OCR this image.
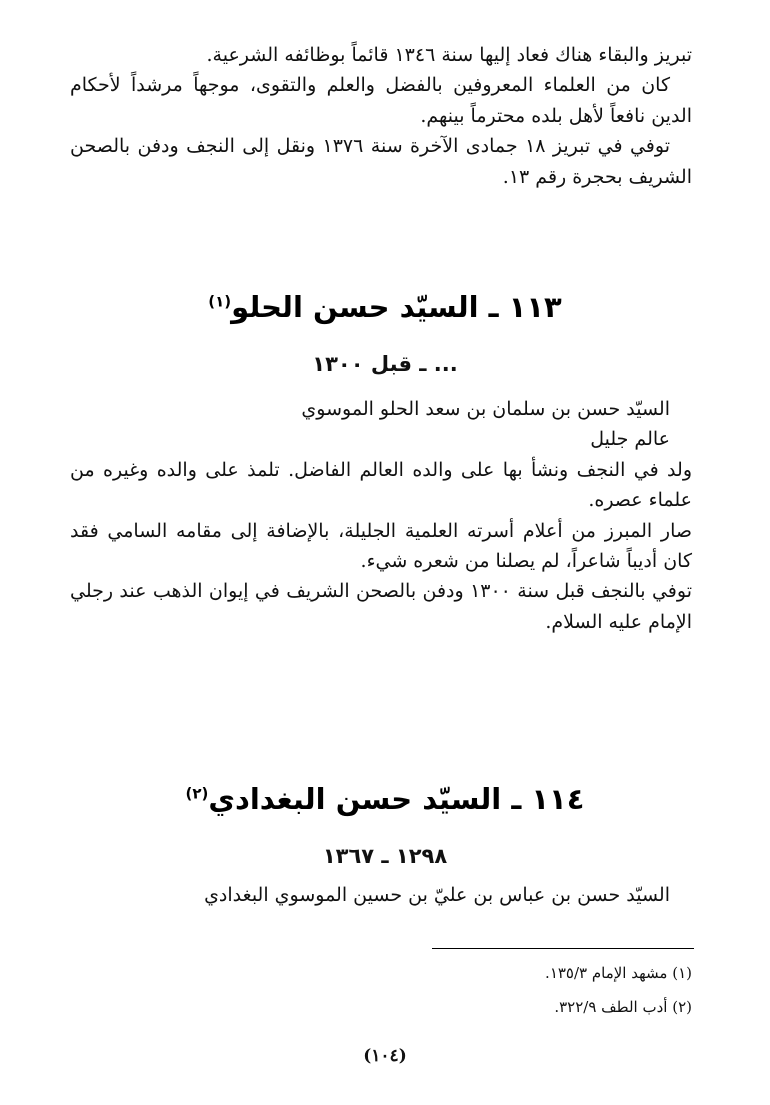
تبريز والبقاء هناك فعاد إليها سنة ١٣٤٦ قائماً بوظائفه الشرعية.

كان من العلماء المعروفين بالفضل والعلم والتقوى، موجهاً مرشداً لأحكام الدين نافعاً لأهل بلده محترماً بينهم.

توفي في تبريز ١٨ جمادى الآخرة سنة ١٣٧٦ ونقل إلى النجف ودفن بالصحن الشريف بحجرة رقم ١٣.

١١٣ ـ السيّد حسن الحلو$^{(١)}$
... ـ قبل ١٣٠٠

السيّد حسن بن سلمان بن سعد الحلو الموسوي

عالم جليل

ولد في النجف ونشأ بها على والده العالم الفاضل. تلمذ على والده وغيره من علماء عصره.

صار المبرز من أعلام أسرته العلمية الجليلة، بالإضافة إلى مقامه السامي فقد كان أديباً شاعراً، لم يصلنا من شعره شيء.

توفي بالنجف قبل سنة ١٣٠٠ ودفن بالصحن الشريف في إيوان الذهب عند رجلي الإمام عليه السلام.

١١٤ ـ السيّد حسن البغدادي$^{(٢)}$
١٢٩٨ ـ ١٣٦٧

السيّد حسن بن عباس بن عليّ بن حسين الموسوي البغدادي

(١) مشهد الإمام ١٣٥/٣.

(٢) أدب الطف ٣٢٢/٩.

(١٠٤)
